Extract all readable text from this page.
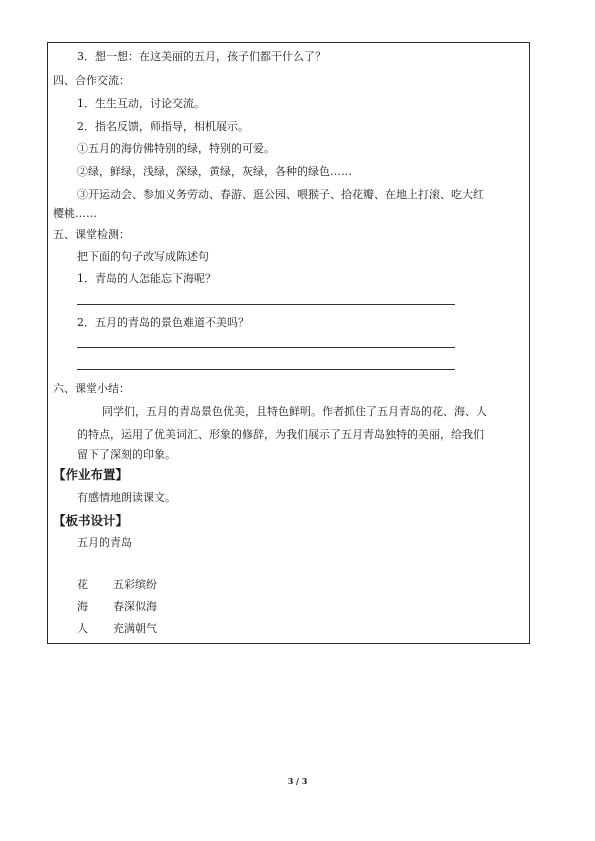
3．想一想：在这美丽的五月，孩子们都干什么了？
四、合作交流：
1．生生互动，讨论交流。
2．指名反馈，师指导，相机展示。
①五月的海仿佛特别的绿，特别的可爱。
②绿，鲜绿，浅绿，深绿，黄绿，灰绿，各种的绿色……
③开运动会、参加义务劳动、春游、逛公园、喂猴子、拾花瓣、在地上打滚、吃大红
樱桃……
五、课堂检测：
把下面的句子改写成陈述句
1．青岛的人怎能忘下海呢？
2．五月的青岛的景色难道不美吗？
六、课堂小结：
同学们，五月的青岛景色优美，且特色鲜明。作者抓住了五月青岛的花、海、人
的特点，运用了优美词汇、形象的修辞，为我们展示了五月青岛独特的美丽，给我们
留下了深刻的印象。
【作业布置】
有感情地朗读课文。
【板书设计】
五月的青岛
花 五彩缤纷
海 春深似海
人 充满朝气
3 / 3
